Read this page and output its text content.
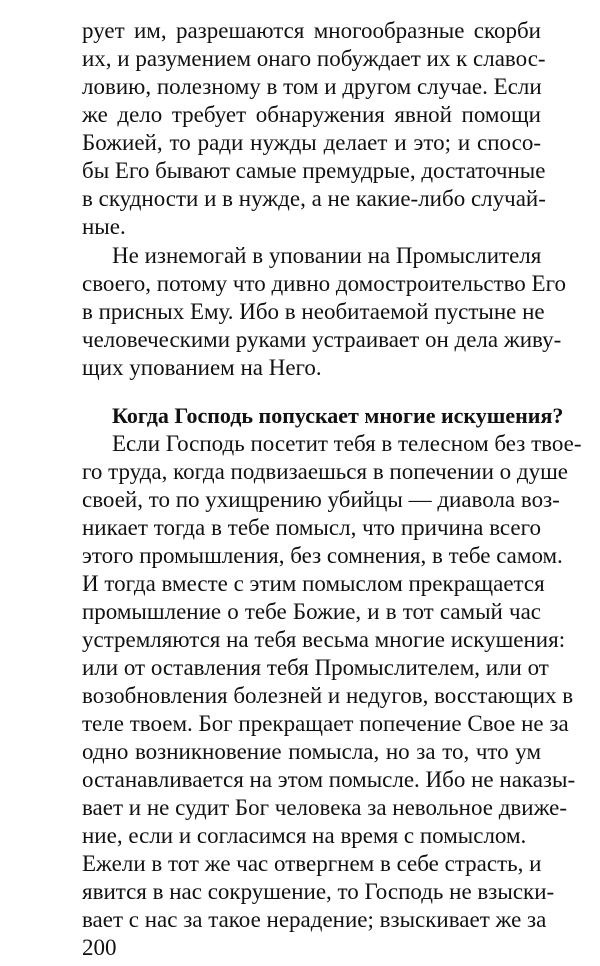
рует им, разрешаются многообразные скорби
их, и разумением онаго побуждает их к славос-
ловию, полезному в том и другом случае. Если
же дело требует обнаружения явной помощи
Божией, то ради нужды делает и это; и спосо-
бы Его бывают самые премудрые, достаточные
в скудности и в нужде, а не какие-либо случай-
ные.
Не изнемогай в уповании на Промыслителя
своего, потому что дивно домостроительство Его
в присных Ему. Ибо в необитаемой пустыне не
человеческими руками устраивает он дела живу-
щих упованием на Него.
Когда Господь попускает многие искушения?
Если Господь посетит тебя в телесном без твое-
го труда, когда подвизаешься в попечении о душе
своей, то по ухищрению убийцы — диавола воз-
никает тогда в тебе помысл, что причина всего
этого промышления, без сомнения, в тебе самом.
И тогда вместе с этим помыслом прекращается
промышление о тебе Божие, и в тот самый час
устремляются на тебя весьма многие искушения:
или от оставления тебя Промыслителем, или от
возобновления болезней и недугов, восстающих в
теле твоем. Бог прекращает попечение Свое не за
одно возникновение помысла, но за то, что ум
останавливается на этом помысле. Ибо не наказы-
вает и не судит Бог человека за невольное движе-
ние, если и согласимся на время с помыслом.
Ежели в тот же час отвергнем в себе страсть, и
явится в нас сокрушение, то Господь не взыски-
вает с нас за такое нерадение; взыскивает же за
200
